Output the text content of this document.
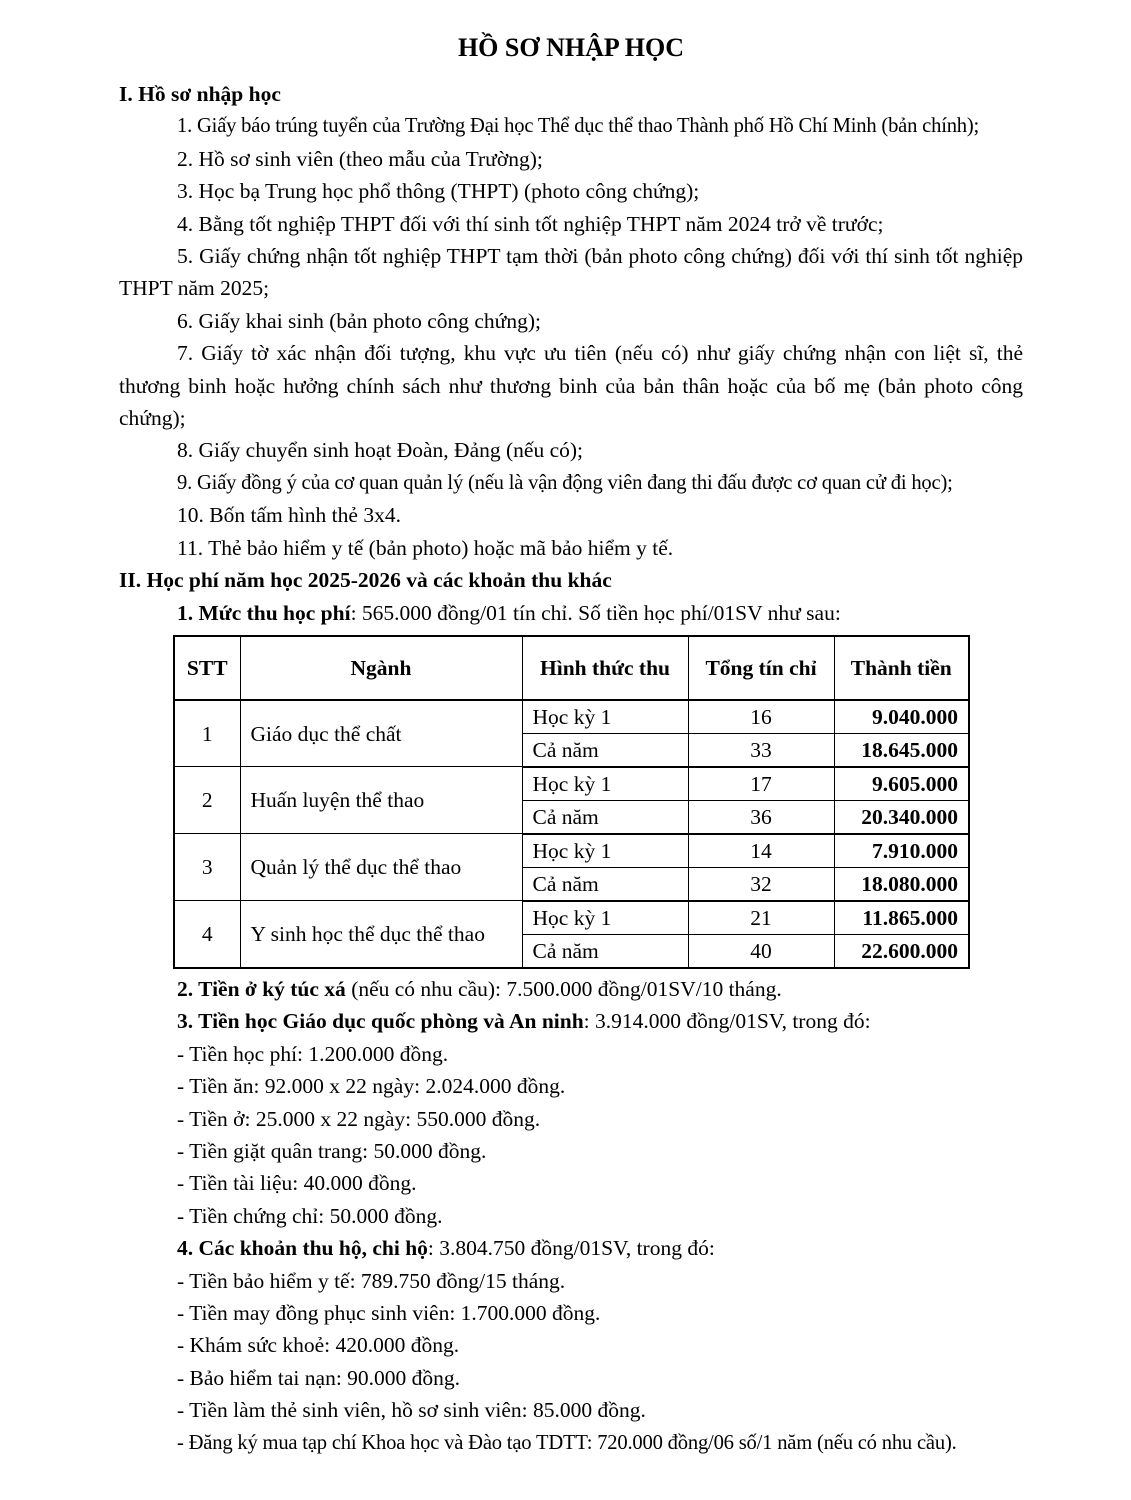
HỒ SƠ NHẬP HỌC

I. Hồ sơ nhập học

1. Giấy báo trúng tuyển của Trường Đại học Thể dục thể thao Thành phố Hồ Chí Minh (bản chính);

2. Hồ sơ sinh viên (theo mẫu của Trường);

3. Học bạ Trung học phổ thông (THPT) (photo công chứng);

4. Bằng tốt nghiệp THPT đối với thí sinh tốt nghiệp THPT năm 2024 trở về trước;

5. Giấy chứng nhận tốt nghiệp THPT tạm thời (bản photo công chứng) đối với thí sinh tốt nghiệp THPT năm 2025;

6. Giấy khai sinh (bản photo công chứng);

7. Giấy tờ xác nhận đối tượng, khu vực ưu tiên (nếu có) như giấy chứng nhận con liệt sĩ, thẻ thương binh hoặc hưởng chính sách như thương binh của bản thân hoặc của bố mẹ (bản photo công chứng);

8. Giấy chuyển sinh hoạt Đoàn, Đảng (nếu có);

9. Giấy đồng ý của cơ quan quản lý (nếu là vận động viên đang thi đấu được cơ quan cử đi học);

10. Bốn tấm hình thẻ 3x4.

11. Thẻ bảo hiểm y tế (bản photo) hoặc mã bảo hiểm y tế.

II. Học phí năm học 2025-2026 và các khoản thu khác

1. Mức thu học phí: 565.000 đồng/01 tín chỉ. Số tiền học phí/01SV như sau:

STT	Ngành	Hình thức thu	Tổng tín chỉ	Thành tiền
1	Giáo dục thể chất	Học kỳ 1	16	9.040.000
		Cả năm	33	18.645.000
2	Huấn luyện thể thao	Học kỳ 1	17	9.605.000
		Cả năm	36	20.340.000
3	Quản lý thể dục thể thao	Học kỳ 1	14	7.910.000
		Cả năm	32	18.080.000
4	Y sinh học thể dục thể thao	Học kỳ 1	21	11.865.000
		Cả năm	40	22.600.000

2. Tiền ở ký túc xá (nếu có nhu cầu): 7.500.000 đồng/01SV/10 tháng.

3. Tiền học Giáo dục quốc phòng và An ninh: 3.914.000 đồng/01SV, trong đó:

- Tiền học phí: 1.200.000 đồng.

- Tiền ăn: 92.000 x 22 ngày: 2.024.000 đồng.

- Tiền ở: 25.000 x 22 ngày: 550.000 đồng.

- Tiền giặt quân trang: 50.000 đồng.

- Tiền tài liệu: 40.000 đồng.

- Tiền chứng chỉ: 50.000 đồng.

4. Các khoản thu hộ, chi hộ: 3.804.750 đồng/01SV, trong đó:

- Tiền bảo hiểm y tế: 789.750 đồng/15 tháng.

- Tiền may đồng phục sinh viên: 1.700.000 đồng.

- Khám sức khoẻ: 420.000 đồng.

- Bảo hiểm tai nạn: 90.000 đồng.

- Tiền làm thẻ sinh viên, hồ sơ sinh viên: 85.000 đồng.

- Đăng ký mua tạp chí Khoa học và Đào tạo TDTT: 720.000 đồng/06 số/1 năm (nếu có nhu cầu).
